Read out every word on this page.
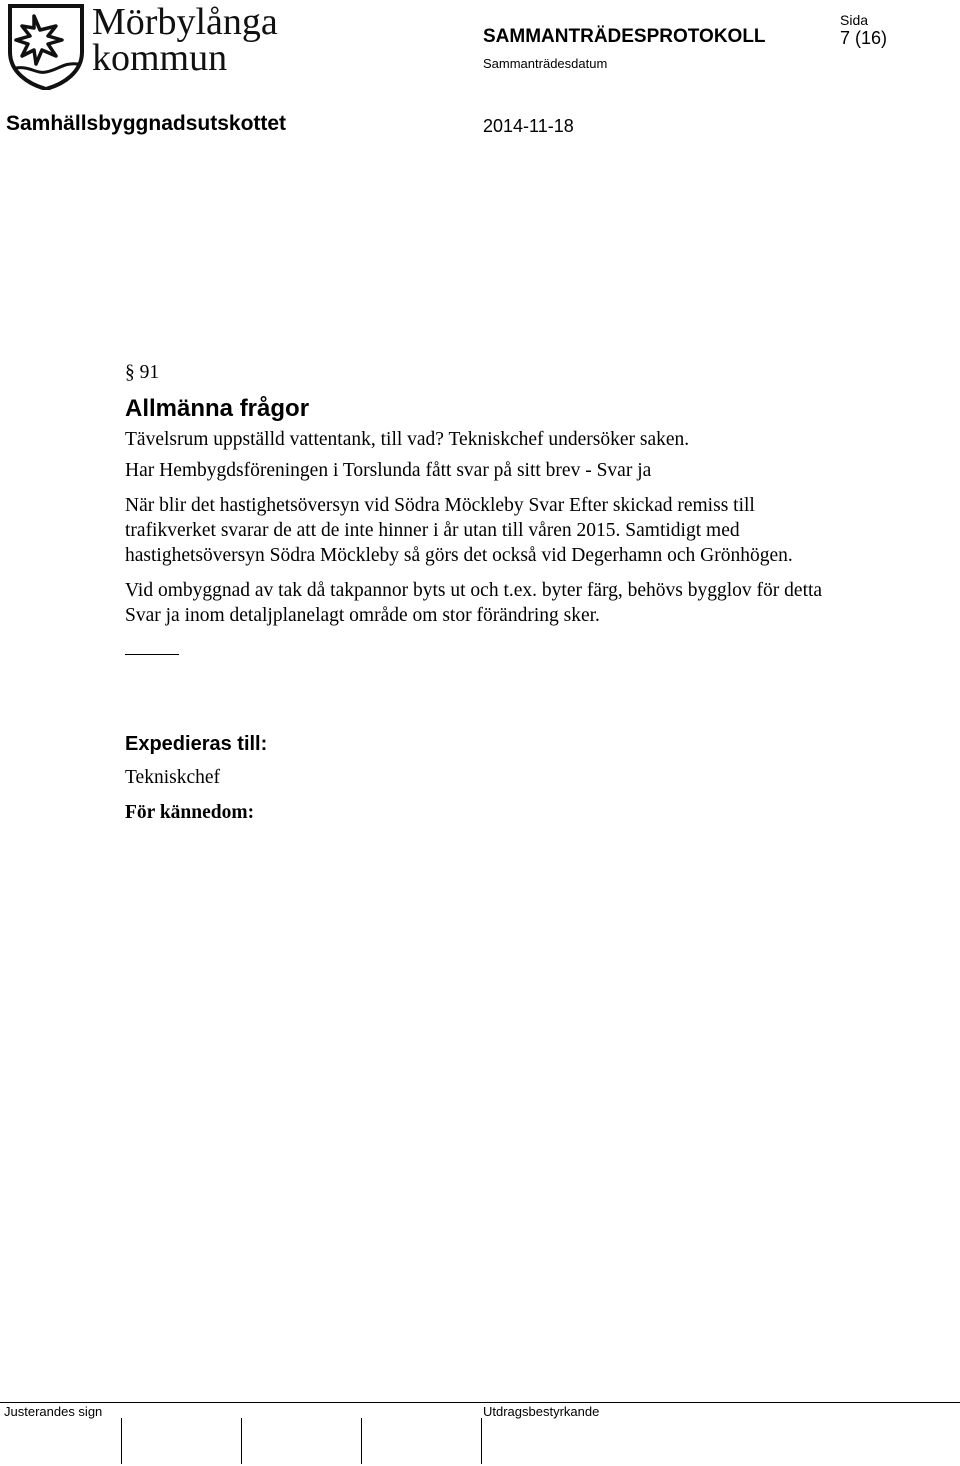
Mörbylånga
kommun
SAMMANTRÄDESPROTOKOLL
Sida
7 (16)
Sammanträdesdatum
Samhällsbyggnadsutskottet	2014-11-18
§ 91
Allmänna frågor

Tävelsrum uppställd vattentank, till vad? Tekniskchef undersöker saken.

Har Hembygdsföreningen i Torslunda fått svar på sitt brev - Svar ja

När blir det hastighetsöversyn vid Södra Möckleby Svar Efter skickad remiss till trafikverket svarar de att de inte hinner i år utan till våren 2015. Samtidigt med hastighetsöversyn Södra Möckleby så görs det också vid Degerhamn och Grönhögen.

Vid ombyggnad av tak då takpannor byts ut och t.ex. byter färg, behövs bygglov för detta Svar ja inom detaljplanelagt område om stor förändring sker.

Expedieras till:
Tekniskchef
För kännedom:
Justerandes sign	Utdragsbestyrkande
